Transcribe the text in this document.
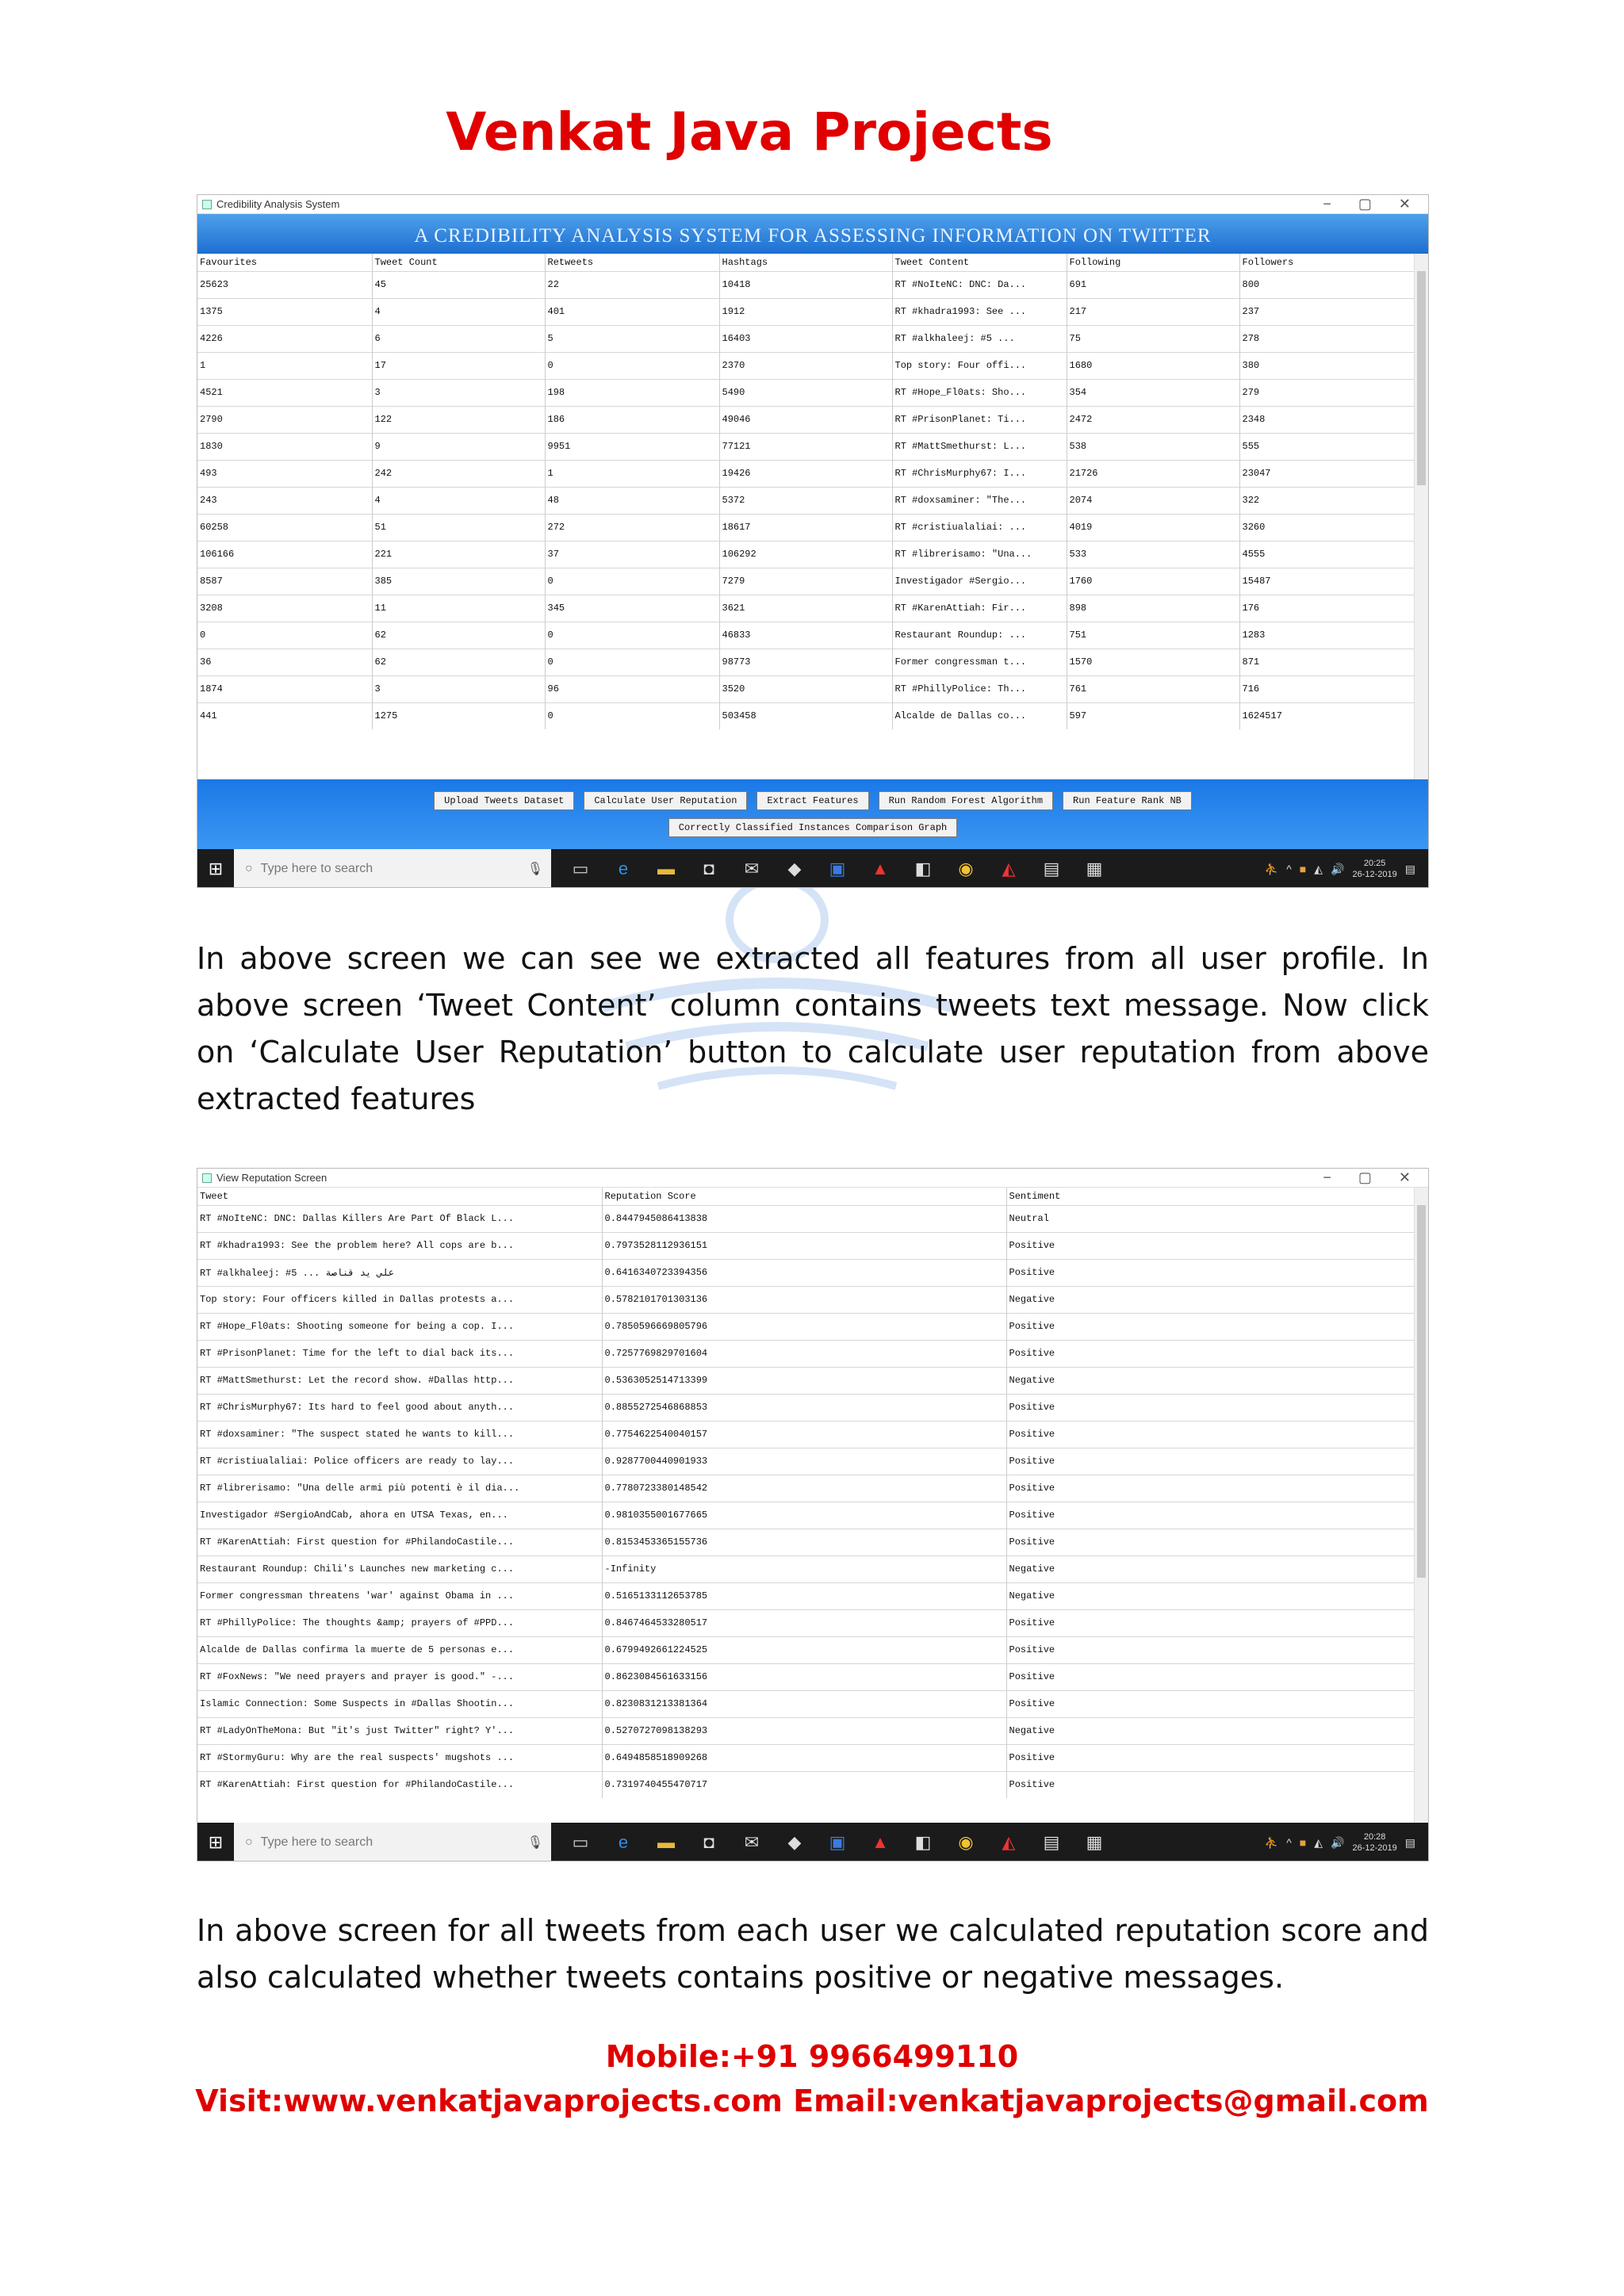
Venkat Java Projects
Credibility Analysis System	− ▢ ✕
A CREDIBILITY ANALYSIS SYSTEM FOR ASSESSING INFORMATION ON TWITTER
Favourites	Tweet Count	Retweets	Hashtags	Tweet Content	Following	Followers
25623	45	22	10418	RT #NoIteNC: DNC: Da...	691	800
1375	4	401	1912	RT #khadra1993: See ...	217	237
4226	6	5	16403	RT #alkhaleej: #5 ...	75	278
1	17	0	2370	Top story: Four offi...	1680	380
4521	3	198	5490	RT #Hope_Fl0ats: Sho...	354	279
2790	122	186	49046	RT #PrisonPlanet: Ti...	2472	2348
1830	9	9951	77121	RT #MattSmethurst: L...	538	555
493	242	1	19426	RT #ChrisMurphy67: I...	21726	23047
243	4	48	5372	RT #doxsaminer: "The...	2074	322
60258	51	272	18617	RT #cristiualaliai: ...	4019	3260
106166	221	37	106292	RT #librerisamo: "Una...	533	4555
8587	385	0	7279	Investigador #Sergio...	1760	15487
3208	11	345	3621	RT #KarenAttiah: Fir...	898	176
0	62	0	46833	Restaurant Roundup: ...	751	1283
36	62	0	98773	Former congressman t...	1570	871
1874	3	96	3520	RT #PhillyPolice: Th...	761	716
441	1275	0	503458	Alcalde de Dallas co...	597	1624517
Upload Tweets Dataset	Calculate User Reputation	Extract Features	Run Random Forest Algorithm	Run Feature Rank NB
Correctly Classified Instances Comparison Graph
⊞	○ Type here to search	🎙 ▭	e	▬	◘	✉ ◆ ▣ ▲ ◧ ◉ ◭ ▤ ▦	⛹ ^ ■ ◭ 🔊	20:25
26-12-2019 ▤
In above screen we can see we extracted all features from all user profile. In above screen ‘Tweet Content’ column contains tweets text message. Now click on ‘Calculate User Reputation’ button to calculate user reputation from above extracted features
View Reputation Screen	− ▢ ✕
Tweet	Reputation Score	Sentiment
RT #NoIteNC: DNC: Dallas Killers Are Part Of Black L...	0.8447945086413838	Neutral
RT #khadra1993: See the problem here? All cops are b...	0.7973528112936151	Positive
RT #alkhaleej: #5 ... علي يد قناصة	0.6416340723394356	Positive
Top story: Four officers killed in Dallas protests a...	0.5782101701303136	Negative
RT #Hope_Fl0ats: Shooting someone for being a cop. I...	0.7850596669805796	Positive
RT #PrisonPlanet: Time for the left to dial back its...	0.7257769829701604	Positive
RT #MattSmethurst: Let the record show. #Dallas http...	0.5363052514713399	Negative
RT #ChrisMurphy67: Its hard to feel good about anyth...	0.8855272546868853	Positive
RT #doxsaminer: "The suspect stated he wants to kill...	0.7754622540040157	Positive
RT #cristiualaliai: Police officers are ready to lay...	0.9287700440901933	Positive
RT #librerisamo: "Una delle armi più potenti è il dia...	0.7780723380148542	Positive
Investigador #SergioAndCab, ahora en UTSA Texas, en...	0.9810355001677665	Positive
RT #KarenAttiah: First question for #PhilandoCastile...	0.8153453365155736	Positive
Restaurant Roundup: Chili's Launches new marketing c...	-Infinity	Negative
Former congressman threatens 'war' against Obama in ...	0.5165133112653785	Negative
RT #PhillyPolice: The thoughts &amp; prayers of #PPD...	0.8467464533280517	Positive
Alcalde de Dallas confirma la muerte de 5 personas e...	0.6799492661224525	Positive
RT #FoxNews: "We need prayers and prayer is good." -...	0.8623084561633156	Positive
Islamic Connection: Some Suspects in #Dallas Shootin...	0.8230831213381364	Positive
RT #LadyOnTheMona: But "it's just Twitter" right? Y'...	0.5270727098138293	Negative
RT #StormyGuru: Why are the real suspects' mugshots ...	0.6494858518909268	Positive
RT #KarenAttiah: First question for #PhilandoCastile...	0.7319740455470717	Positive
⊞	○ Type here to search	🎙 ▭	e	▬	◘	✉ ◆ ▣ ▲ ◧ ◉ ◭ ▤ ▦	⛹ ^ ■ ◭ 🔊	20:28
26-12-2019 ▤
In above screen for all tweets from each user we calculated reputation score and also calculated whether tweets contains positive or negative messages.
Mobile:+91 9966499110
Visit:www.venkatjavaprojects.com Email:venkatjavaprojects@gmail.com
